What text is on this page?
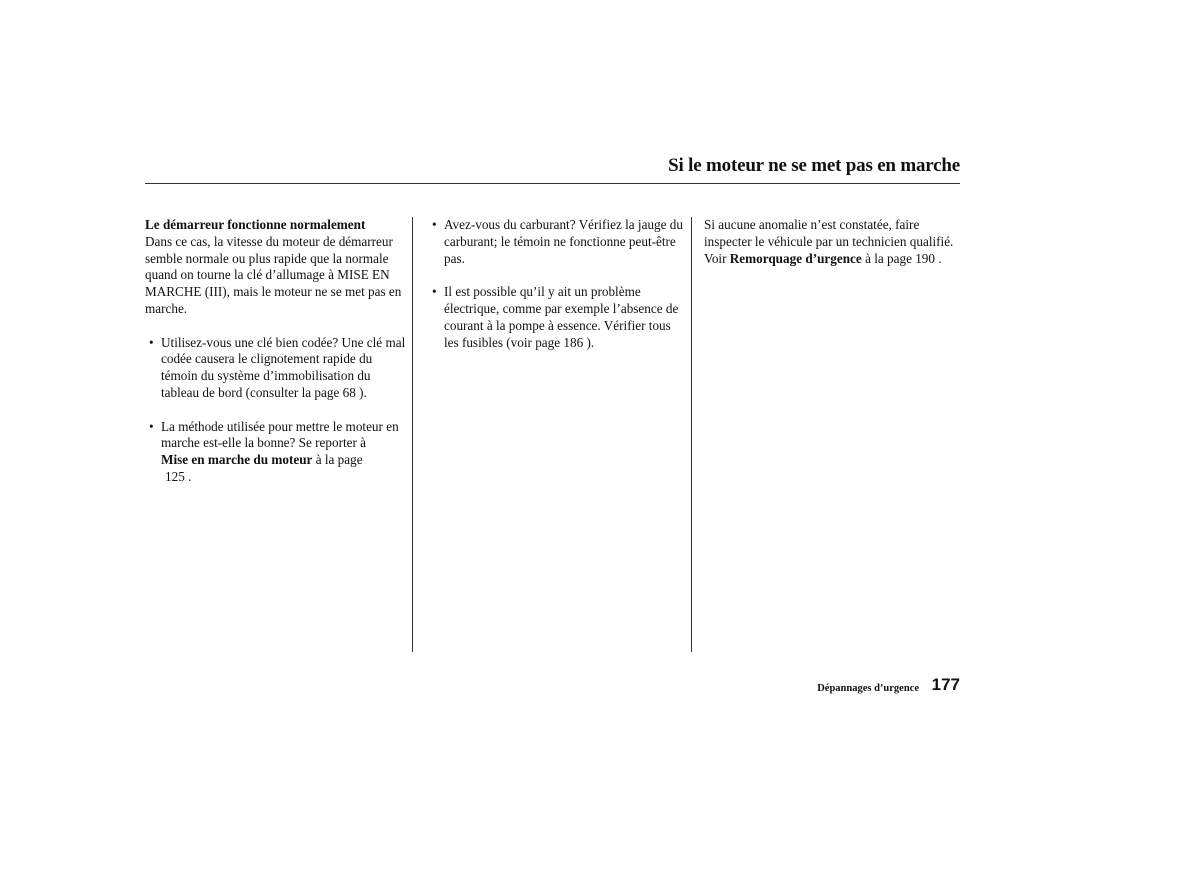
Si le moteur ne se met pas en marche

Le démarreur fonctionne normalement

Dans ce cas, la vitesse du moteur de démarreur semble normale ou plus rapide que la normale quand on tourne la clé d’allumage à MISE EN MARCHE (III), mais le moteur ne se met pas en marche.

• Utilisez-vous une clé bien codée? Une clé mal codée causera le clignotement rapide du témoin du système d’immobilisation du tableau de bord (consulter la page 68 ).
• La méthode utilisée pour mettre le moteur en marche est-elle la bonne? Se reporter à
Mise en marche du moteur à la page
125 .
• Avez-vous du carburant? Vérifiez la jauge du carburant; le témoin ne fonctionne peut-être pas.
• Il est possible qu’il y ait un problème électrique, comme par exemple l’absence de courant à la pompe à essence. Vérifier tous les fusibles (voir page 186 ).

Si aucune anomalie n’est constatée, faire inspecter le véhicule par un technicien qualifié. Voir Remorquage d’urgence à la page 190 .

Dépannages d’urgence 177
